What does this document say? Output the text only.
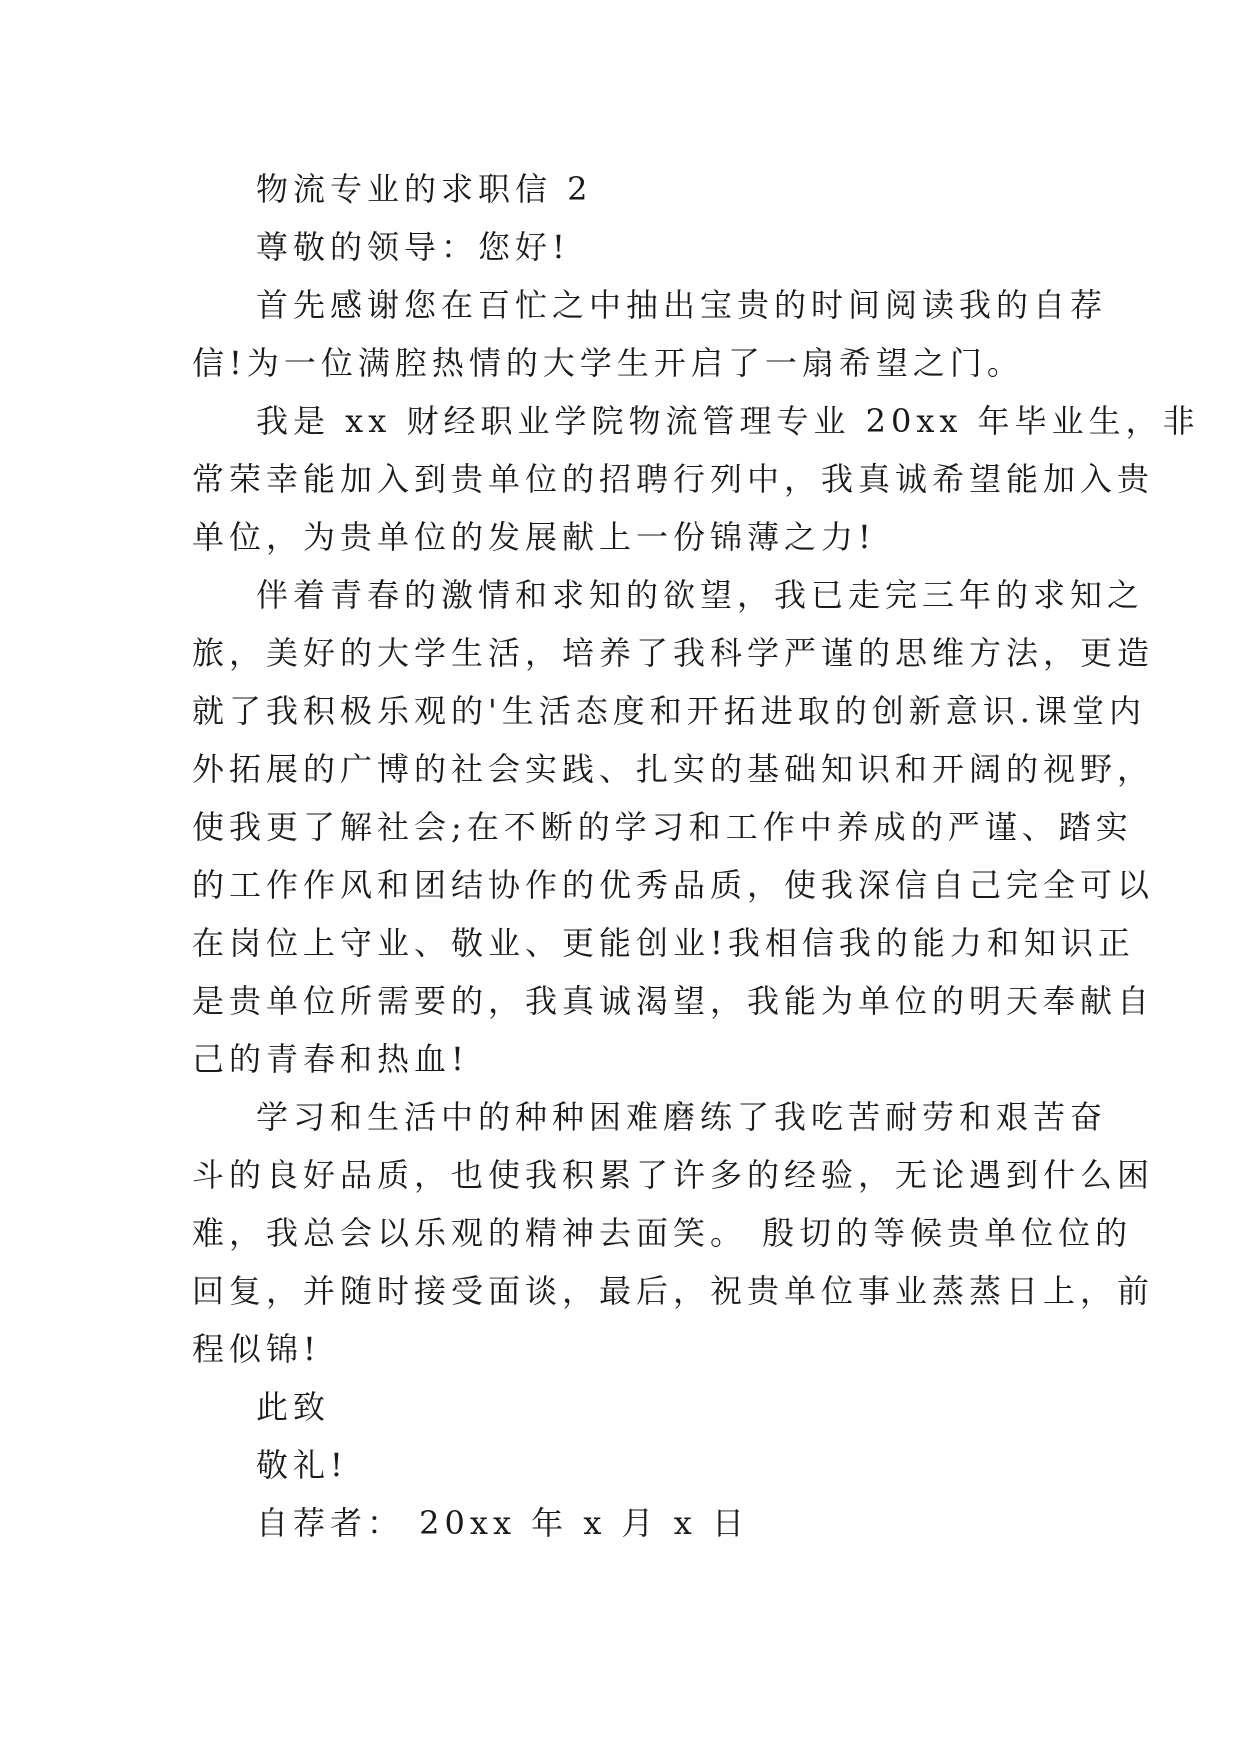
物流专业的求职信 2
尊敬的领导：您好!
首先感谢您在百忙之中抽出宝贵的时间阅读我的自荐
信!为一位满腔热情的大学生开启了一扇希望之门。
我是 xx 财经职业学院物流管理专业 20xx 年毕业生，非
常荣幸能加入到贵单位的招聘行列中，我真诚希望能加入贵
单位，为贵单位的发展献上一份锦薄之力!
伴着青春的激情和求知的欲望，我已走完三年的求知之
旅，美好的大学生活，培养了我科学严谨的思维方法，更造
就了我积极乐观的'生活态度和开拓进取的创新意识.课堂内
外拓展的广博的社会实践、扎实的基础知识和开阔的视野，
使我更了解社会;在不断的学习和工作中养成的严谨、踏实
的工作作风和团结协作的优秀品质，使我深信自己完全可以
在岗位上守业、敬业、更能创业!我相信我的能力和知识正
是贵单位所需要的，我真诚渴望，我能为单位的明天奉献自
己的青春和热血!
学习和生活中的种种困难磨练了我吃苦耐劳和艰苦奋
斗的良好品质，也使我积累了许多的经验，无论遇到什么困
难，我总会以乐观的精神去面笑。 殷切的等候贵单位位的
回复，并随时接受面谈，最后，祝贵单位事业蒸蒸日上，前
程似锦!
此致
敬礼!
自荐者： 20xx 年 x 月 x 日
